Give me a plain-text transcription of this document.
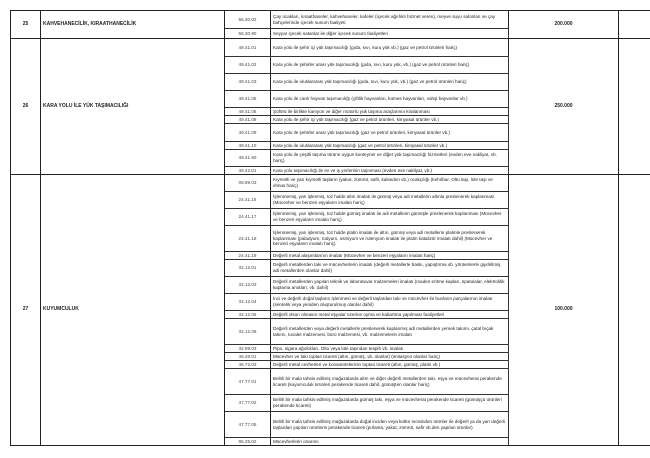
25	KAHVEHANECİLİK, KIRAATHANECİLİK	56.30.02	Çay ocakları, kıraathaneler, kahvehaneler, kafeler (içecek ağırlıklı hizmet veren), meyve suyu salonları ve çay bahçelerinde içecek sunum faaliyeti	200.000	
		56.30.90	Seyyar içecek satanlar ile diğer içecek sunum faaliyetleri		
26	KARA YOLU İLE YÜK TAŞIMACILIĞI	49.41.01	Kara yolu ile şehir içi yük taşımacılığı (gıda, sıvı, kuru yük vb.) (gaz ve petrol ürünleri hariç)	250.000	
		49.41.02	Kara yolu ile şehirler arası yük taşımacılığı (gıda, sıvı, kuru yük, vb.) (gaz ve petrol ürünleri hariç)		
		49.41.03	Kara yolu ile uluslararası yük taşımacılığı (gıda, sıvı, kuru yük, vb.) (gaz ve petrol ürünleri hariç)		
		49.41.05	Kara yolu ile canlı hayvan taşımacılığı (çiftlik hayvanları, kümes hayvanları, vahşi hayvanlar vb.)		
		49.41.06	Şoförü ile birlikte kamyon ve diğer motorlu yük taşıma araçlarının kiralanması		
		49.41.08	Kara yolu ile şehir içi yük taşımacılığı (gaz ve petrol ürünleri, kimyasal ürünler vb.)		
		49.41.09	Kara yolu ile şehirler arası yük taşımacılığı (gaz ve petrol ürünleri, kimyasal ürünler vb.)		
		49.41.10	Kara yolu ile uluslararası yük taşımacılığı (gaz ve petrol ürünleri, kimyasal ürünler vb.)		
		49.41.90	Kara yolu ile çeşitli taşıma türüne uygun konteyner ve diğer yük taşımacılığı hizmetleri (evden eve nakliyat, vb. hariç)		
		49.42.01	Kara yolu taşımacılığı ile ev ve iş yerlerinin taşınması (evden eve nakliyat, vb.)		
27	KUYUMCULUK	08.99.03	Kıymetli ve yarı kıymetli taşların (yakut, zümrüt, safir, kalsedon vb.) ocakçılığı (kehribar, Oltu taşı, lüle taşı ve elmas hariç)	100.000	
		24.41.16	İşlenmemiş, yarı işlenmiş, toz halde altın imalatı ile gümüş veya adi metallerin altınla preslenerek kaplanması (Mücevher ve benzeri eşyaların imalatı hariç)		
		24.41.17	İşlenmemiş, yarı işlenmiş, toz halde gümüş imalatı ile adi metallerin gümüşle preslenerek kaplanması (Mücevher ve benzeri eşyaların imalatı hariç)		
		24.41.18	İşlenmemiş, yarı işlenmiş, toz halde platin imalatı ile altın, gümüş veya adi metallerin platinle preslenerek kaplanması (paladyum, rodyum, osmiyum ve rutenyum imalatı ile platin katalizör imalatı dahil) (Mücevher ve benzeri eşyaların imalatı hariç)		
		24.41.19	Değerli metal alaşımlarının imalatı (Mücevher ve benzeri eşyaların imalatı hariç)		
		32.12.01	Değerli metallerden takı ve mücevherlerin imalatı (değerli metallerle baskı, yapıştırma vb. yöntemlerle giydirilmiş adi metallerden olanlar dahil)		
		32.12.03	Değerli metallerden yapılan teknik ve laboratuvar malzemeleri imalatı (maden eritme kapları, spatulalar, elektrolitik kaplama anotları, vb. dahil)		
		32.12.04	İnci ve değerli doğal taşların işlenmesi ve değerli taşlardan takı ve mücevher ile bunların parçalarının imalatı (sentetik veya yeniden oluşturulmuş olanlar dahil)		
		32.12.06	Değerli olsun olmasın metal eşyalar üzerine oyma ve kabartma yapılması faaliyetleri		
		32.12.08	Değerli metallerden veya değerli metallerle preslenerek kaplanmış adi metallerden yemek takımı, çatal bıçak takımı, tuvalet malzemesi, büro malzemesi, vb. malzemelerin imalatı		
		32.99.03	Pipo, sigara ağızlıkları, Oltu veya lüle taşından tespih vb. imalatı		
		46.48.01	Mücevher ve takı toptan ticareti (altın, gümüş, vb. olanlar) (imitasyon olanlar hariç)		
		46.72.03	Değerli metal cevherleri ve konsantrelerinin toptan ticareti (altın, gümüş, platin vb.)		
		47.77.01	Belirli bir mala tahsis edilmiş mağazalarda altın ve diğer değerli metallerden takı, eşya ve mücevherat perakende ticareti (kuyumculuk ürünleri perakende ticareti dahil, gümüşten olanlar hariç)		
		47.77.02	Belirli bir mala tahsis edilmiş mağazalarda gümüş takı, eşya ve mücevherat perakende ticareti (gümüşçü ürünleri perakende ticareti)		
		47.77.05	Belirli bir mala tahsis edilmiş mağazalarda doğal inciden veya kültür incisinden ürünler ile değerli ya da yarı değerli taşlardan yapılan ürünlerin perakende ticareti (pırlanta, yakut, zümrüt, safir vb.den yapılan ürünler)		
		95.25.02	Mücevherlerin onarımı		
